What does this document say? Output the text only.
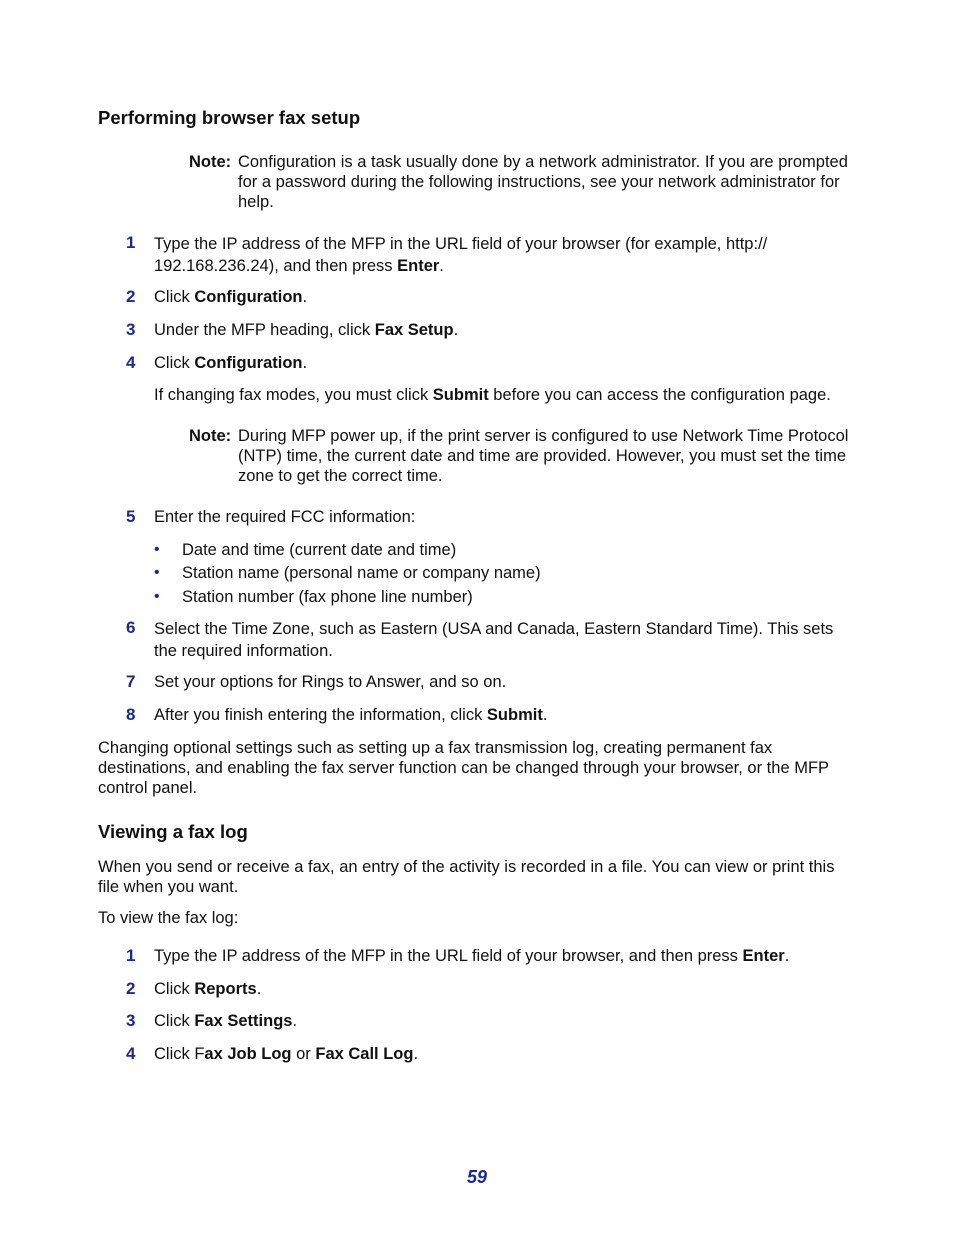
Performing browser fax setup
Note: Configuration is a task usually done by a network administrator. If you are prompted for a password during the following instructions, see your network administrator for help.
1	Type the IP address of the MFP in the URL field of your browser (for example, http:// 192.168.236.24), and then press Enter.
2	Click Configuration.
3	Under the MFP heading, click Fax Setup.
4	Click Configuration.
If changing fax modes, you must click Submit before you can access the configuration page.
Note: During MFP power up, if the print server is configured to use Network Time Protocol (NTP) time, the current date and time are provided. However, you must set the time zone to get the correct time.
5	Enter the required FCC information:
• Date and time (current date and time)
• Station name (personal name or company name)
• Station number (fax phone line number)
6	Select the Time Zone, such as Eastern (USA and Canada, Eastern Standard Time). This sets the required information.
7	Set your options for Rings to Answer, and so on.
8	After you finish entering the information, click Submit.
Changing optional settings such as setting up a fax transmission log, creating permanent fax destinations, and enabling the fax server function can be changed through your browser, or the MFP control panel.
Viewing a fax log
When you send or receive a fax, an entry of the activity is recorded in a file. You can view or print this file when you want.
To view the fax log:
1	Type the IP address of the MFP in the URL field of your browser, and then press Enter.
2	Click Reports.
3	Click Fax Settings.
4	Click Fax Job Log or Fax Call Log.
59
